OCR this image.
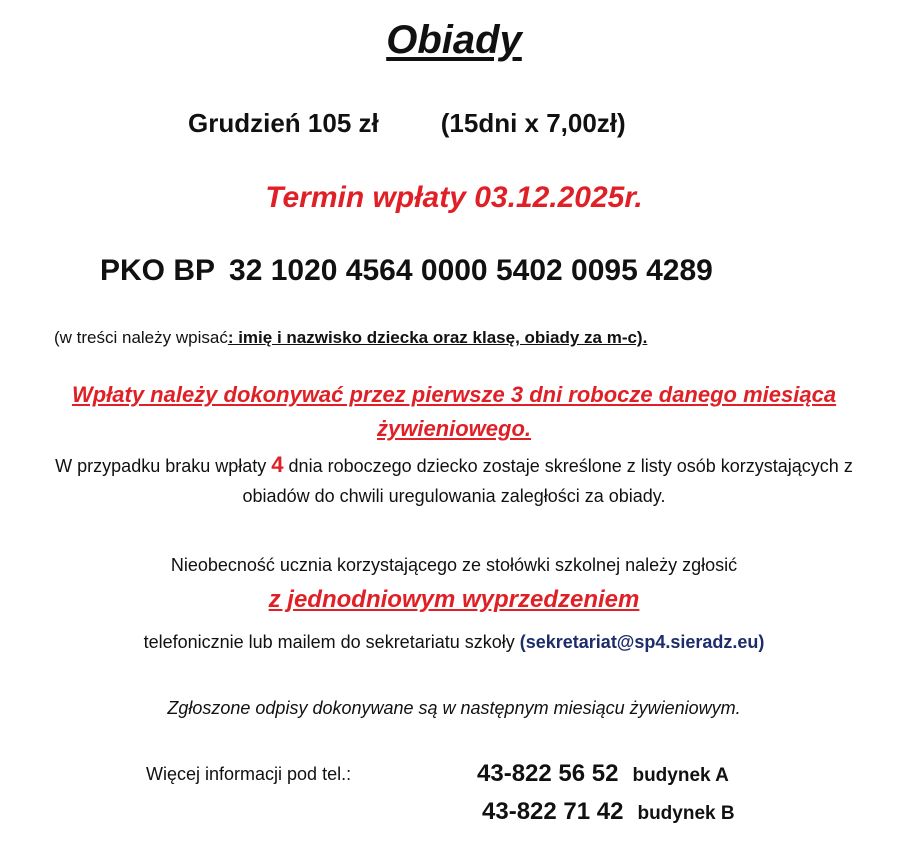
Obiady
Grudzień 105 zł (15dni x 7,00zł)
Termin wpłaty 03.12.2025r.
PKO BP 32 1020 4564 0000 5402 0095 4289
(w treści należy wpisać: imię i nazwisko dziecka oraz klasę, obiady za m-c).
Wpłaty należy dokonywać przez pierwsze 3 dni robocze danego miesiąca żywieniowego.
W przypadku braku wpłaty 4 dnia roboczego dziecko zostaje skreślone z listy osób korzystających z obiadów do chwili uregulowania zaległości za obiady.
Nieobecność ucznia korzystającego ze stołówki szkolnej należy zgłosić
z jednodniowym wyprzedzeniem
telefonicznie lub mailem do sekretariatu szkoły (sekretariat@sp4.sieradz.eu)
Zgłoszone odpisy dokonywane są w następnym miesiącu żywieniowym.
Więcej informacji pod tel.:	43-822 56 52 budynek A
43-822 71 42 budynek B
